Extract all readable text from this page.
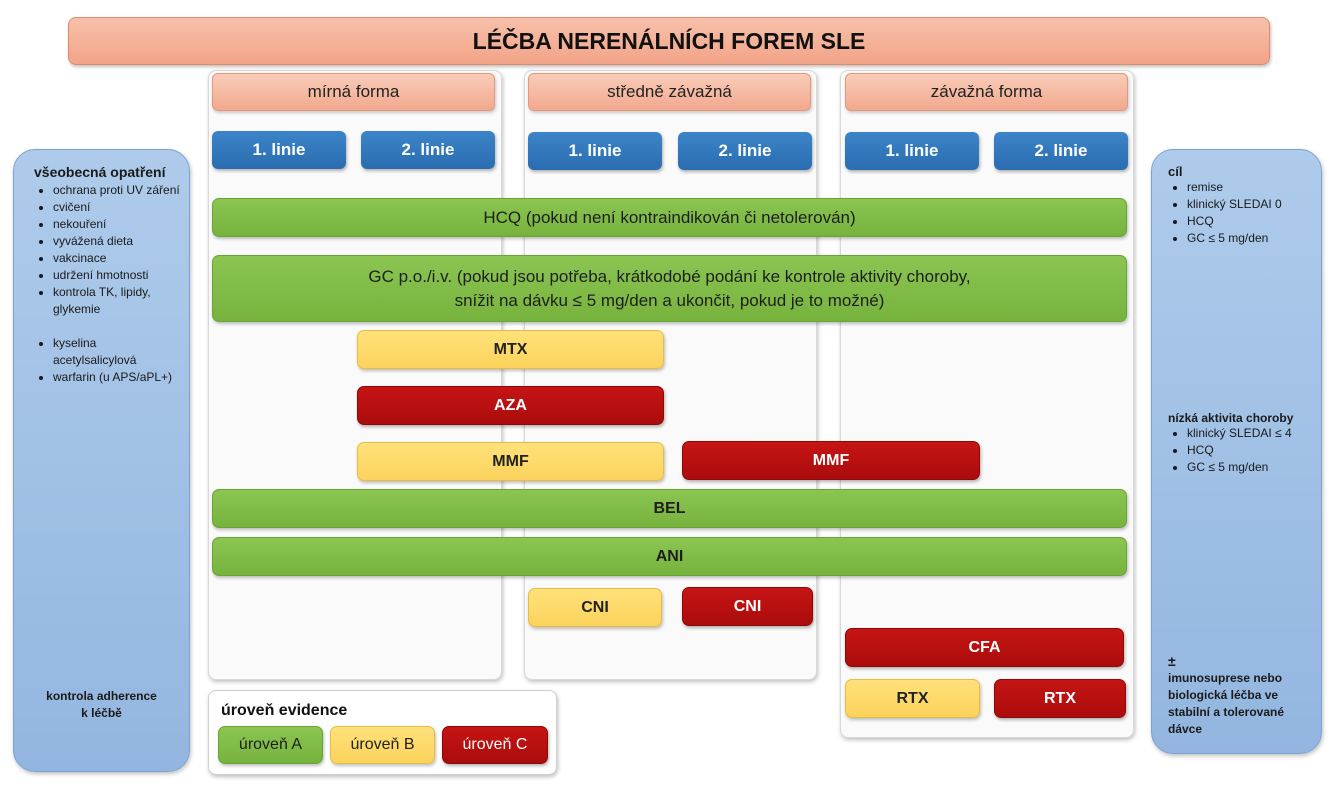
LÉČBA NERENÁLNÍCH FOREM SLE
mírná forma	středně závažná	závažná forma
1. linie	2. linie	1. linie	2. linie	1. linie	2. linie
HCQ (pokud není kontraindikován či netolerován)
GC p.o./i.v. (pokud jsou potřeba, krátkodobé podání ke kontrole aktivity choroby,
snížit na dávku ≤ 5 mg/den a ukončit, pokud je to možné)
MTX
AZA
MMF	MMF
BEL
ANI
CNI	CNI
CFA
RTX	RTX
všeobecná opatření
• ochrana proti UV záření
• cvičení
• nekouření
• vyvážená dieta
• vakcinace
• udržení hmotnosti
• kontrola TK, lipidy, glykemie
• kyselina acetylsalicylová
• warfarin (u APS/aPL+)
kontrola adherence
k léčbě
cíl
• remise
• klinický SLEDAI 0
• HCQ
• GC ≤ 5 mg/den
nízká aktivita choroby
• klinický SLEDAI ≤ 4
• HCQ
• GC ≤ 5 mg/den
±
imunosuprese nebo biologická léčba ve stabilní a tolerované dávce
úroveň evidence
úroveň A	úroveň B	úroveň C
